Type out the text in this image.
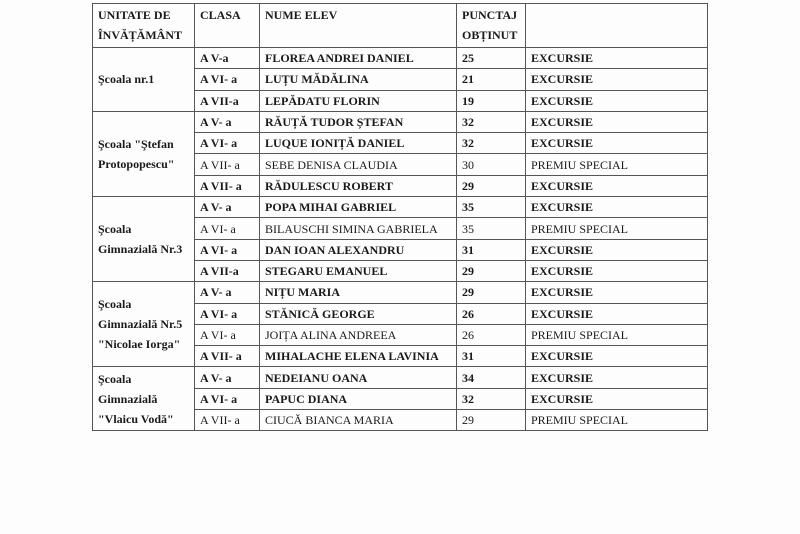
UNITATE DE
ÎNVĂȚĂMÂNT	CLASA	NUME ELEV	PUNCTAJ
OBȚINUT	

Şcoala nr.1	A V-a	FLOREA ANDREI DANIEL	25	EXCURSIE
	A VI- a	LUȚU MĂDĂLINA	21	EXCURSIE
	A VII-a	LEPĂDATU FLORIN	19	EXCURSIE

Şcoala "Ştefan
Protopopescu"	A V- a	RĂUȚĂ TUDOR ȘTEFAN	32	EXCURSIE
	A VI- a	LUQUE IONIȚĂ DANIEL	32	EXCURSIE
	A VII- a	SEBE DENISA CLAUDIA	30	PREMIU SPECIAL
	A VII- a	RĂDULESCU ROBERT	29	EXCURSIE

Şcoala
Gimnazială Nr.3	A V- a	POPA MIHAI GABRIEL	35	EXCURSIE
	A VI- a	BILAUSCHI SIMINA GABRIELA	35	PREMIU SPECIAL
	A VI- a	DAN IOAN ALEXANDRU	31	EXCURSIE
	A VII-a	STEGARU EMANUEL	29	EXCURSIE

Şcoala
Gimnazială Nr.5
"Nicolae Iorga"	A V- a	NIȚU MARIA	29	EXCURSIE
	A VI- a	STĂNICĂ GEORGE	26	EXCURSIE
	A VI- a	JOIȚA ALINA ANDREEA	26	PREMIU SPECIAL
	A VII- a	MIHALACHE ELENA LAVINIA	31	EXCURSIE

Şcoala
Gimnazială
"Vlaicu Vodă"	A V- a	NEDEIANU OANA	34	EXCURSIE
	A VI- a	PAPUC DIANA	32	EXCURSIE
	A VII- a	CIUCĂ BIANCA MARIA	29	PREMIU SPECIAL
